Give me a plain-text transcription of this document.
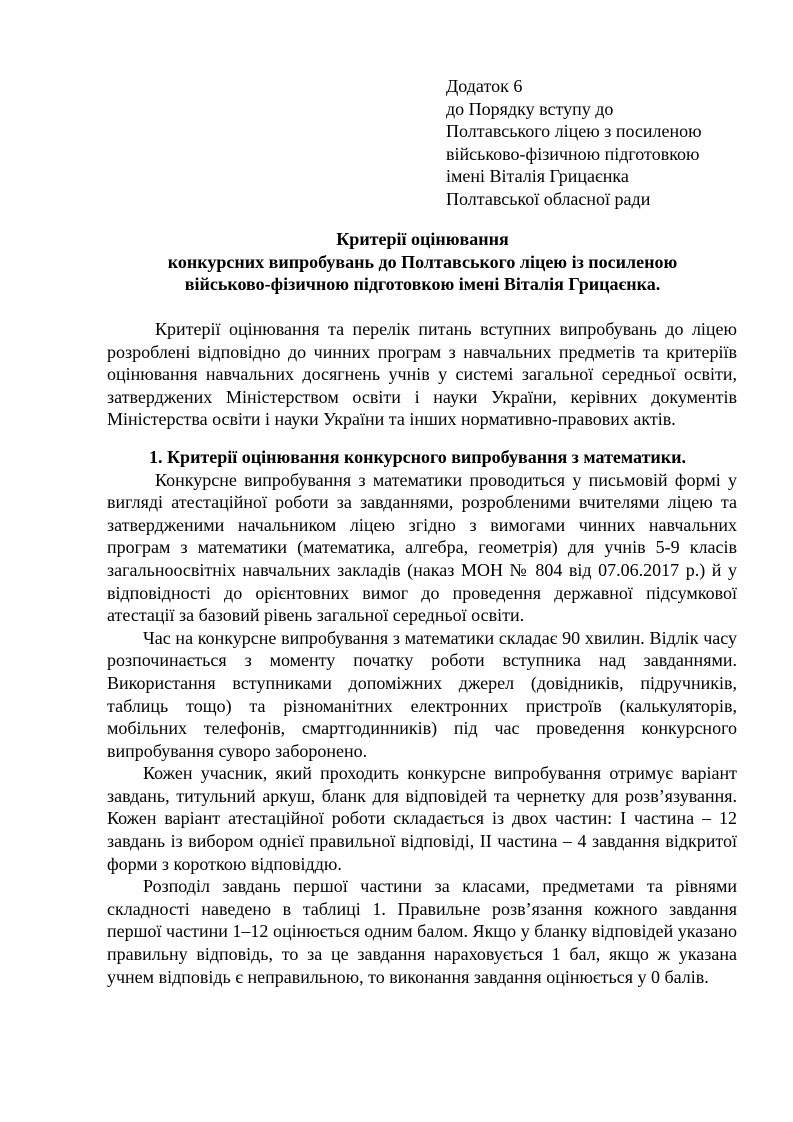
Додаток 6
до Порядку вступу до
Полтавського ліцею з посиленою
військово-фізичною підготовкою
імені Віталія Грицаєнка
Полтавської обласної ради
Критерії оцінювання
конкурсних випробувань до Полтавського ліцею із посиленою
військово-фізичною підготовкою імені Віталія Грицаєнка.

Критерії оцінювання та перелік питань вступних випробувань до ліцею розроблені відповідно до чинних програм з навчальних предметів та критеріїв оцінювання навчальних досягнень учнів у системі загальної середньої освіти, затверджених Міністерством освіти і науки України, керівних документів Міністерства освіти і науки України та інших нормативно-правових актів.

1. Критерії оцінювання конкурсного випробування з математики.

Конкурсне випробування з математики проводиться у письмовій формі у вигляді атестаційної роботи за завданнями, розробленими вчителями ліцею та затвердженими начальником ліцею згідно з вимогами чинних навчальних програм з математики (математика, алгебра, геометрія) для учнів 5-9 класів загальноосвітніх навчальних закладів (наказ МОН № 804 від 07.06.2017 р.) й у відповідності до орієнтовних вимог до проведення державної підсумкової атестації за базовий рівень загальної середньої освіти.

Час на конкурсне випробування з математики складає 90 хвилин. Відлік часу розпочинається з моменту початку роботи вступника над завданнями. Використання вступниками допоміжних джерел (довідників, підручників, таблиць тощо) та різноманітних електронних пристроїв (калькуляторів, мобільних телефонів, смартгодинників) під час проведення конкурсного випробування суворо заборонено.

Кожен учасник, який проходить конкурсне випробування отримує варіант завдань, титульний аркуш, бланк для відповідей та чернетку для розв’язування. Кожен варіант атестаційної роботи складається із двох частин: І частина – 12 завдань із вибором однієї правильної відповіді, ІІ частина – 4 завдання відкритої форми з короткою відповіддю.

Розподіл завдань першої частини за класами, предметами та рівнями складності наведено в таблиці 1. Правильне розв’язання кожного завдання першої частини 1–12 оцінюється одним балом. Якщо у бланку відповідей указано правильну відповідь, то за це завдання нараховується 1 бал, якщо ж указана учнем відповідь є неправильною, то виконання завдання оцінюється у 0 балів.
